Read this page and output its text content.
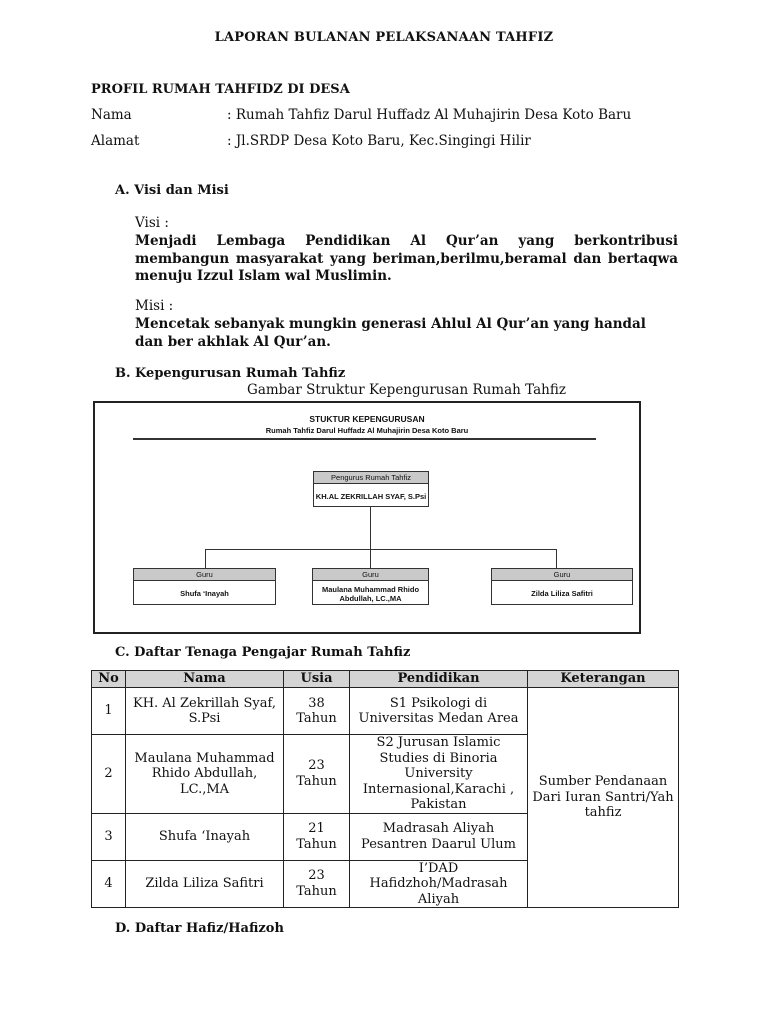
LAPORAN BULANAN PELAKSANAAN TAHFIZ
PROFIL RUMAH TAHFIDZ DI DESA
Nama	: Rumah Tahfiz Darul Huffadz Al Muhajirin Desa Koto Baru
Alamat	: Jl.SRDP Desa Koto Baru, Kec.Singingi Hilir
A. Visi dan Misi
Visi :
Menjadi Lembaga Pendidikan Al Qur’an yang berkontribusi membangun masyarakat yang beriman,berilmu,beramal dan bertaqwa menuju Izzul Islam wal Muslimin.
Misi :
Mencetak sebanyak mungkin generasi Ahlul Al Qur’an yang handal dan ber akhlak Al Qur’an.
B. Kepengurusan Rumah Tahfiz
Gambar Struktur Kepengurusan Rumah Tahfiz
STUKTUR KEPENGURUSAN
Rumah Tahfiz Darul Huffadz Al Muhajirin Desa Koto Baru
Pengurus Rumah Tahfiz
KH.AL ZEKRILLAH SYAF, S.Psi
Guru
Shufa ‘Inayah
Guru
Maulana Muhammad Rhido Abdullah, LC.,MA
Guru
Zilda Liliza Safitri
C. Daftar Tenaga Pengajar Rumah Tahfiz
No	Nama	Usia	Pendidikan	Keterangan
1	KH. Al Zekrillah Syaf, S.Psi	38 Tahun	S1 Psikologi di Universitas Medan Area	Sumber Pendanaan Dari Iuran Santri/Yah tahfiz
2	Maulana Muhammad Rhido Abdullah, LC.,MA	23 Tahun	S2 Jurusan Islamic Studies di Binoria University Internasional,Karachi , Pakistan	
3	Shufa ‘Inayah	21 Tahun	Madrasah Aliyah Pesantren Daarul Ulum	
4	Zilda Liliza Safitri	23 Tahun	I’DAD Hafidzhoh/Madrasah Aliyah	
D. Daftar Hafiz/Hafizoh
